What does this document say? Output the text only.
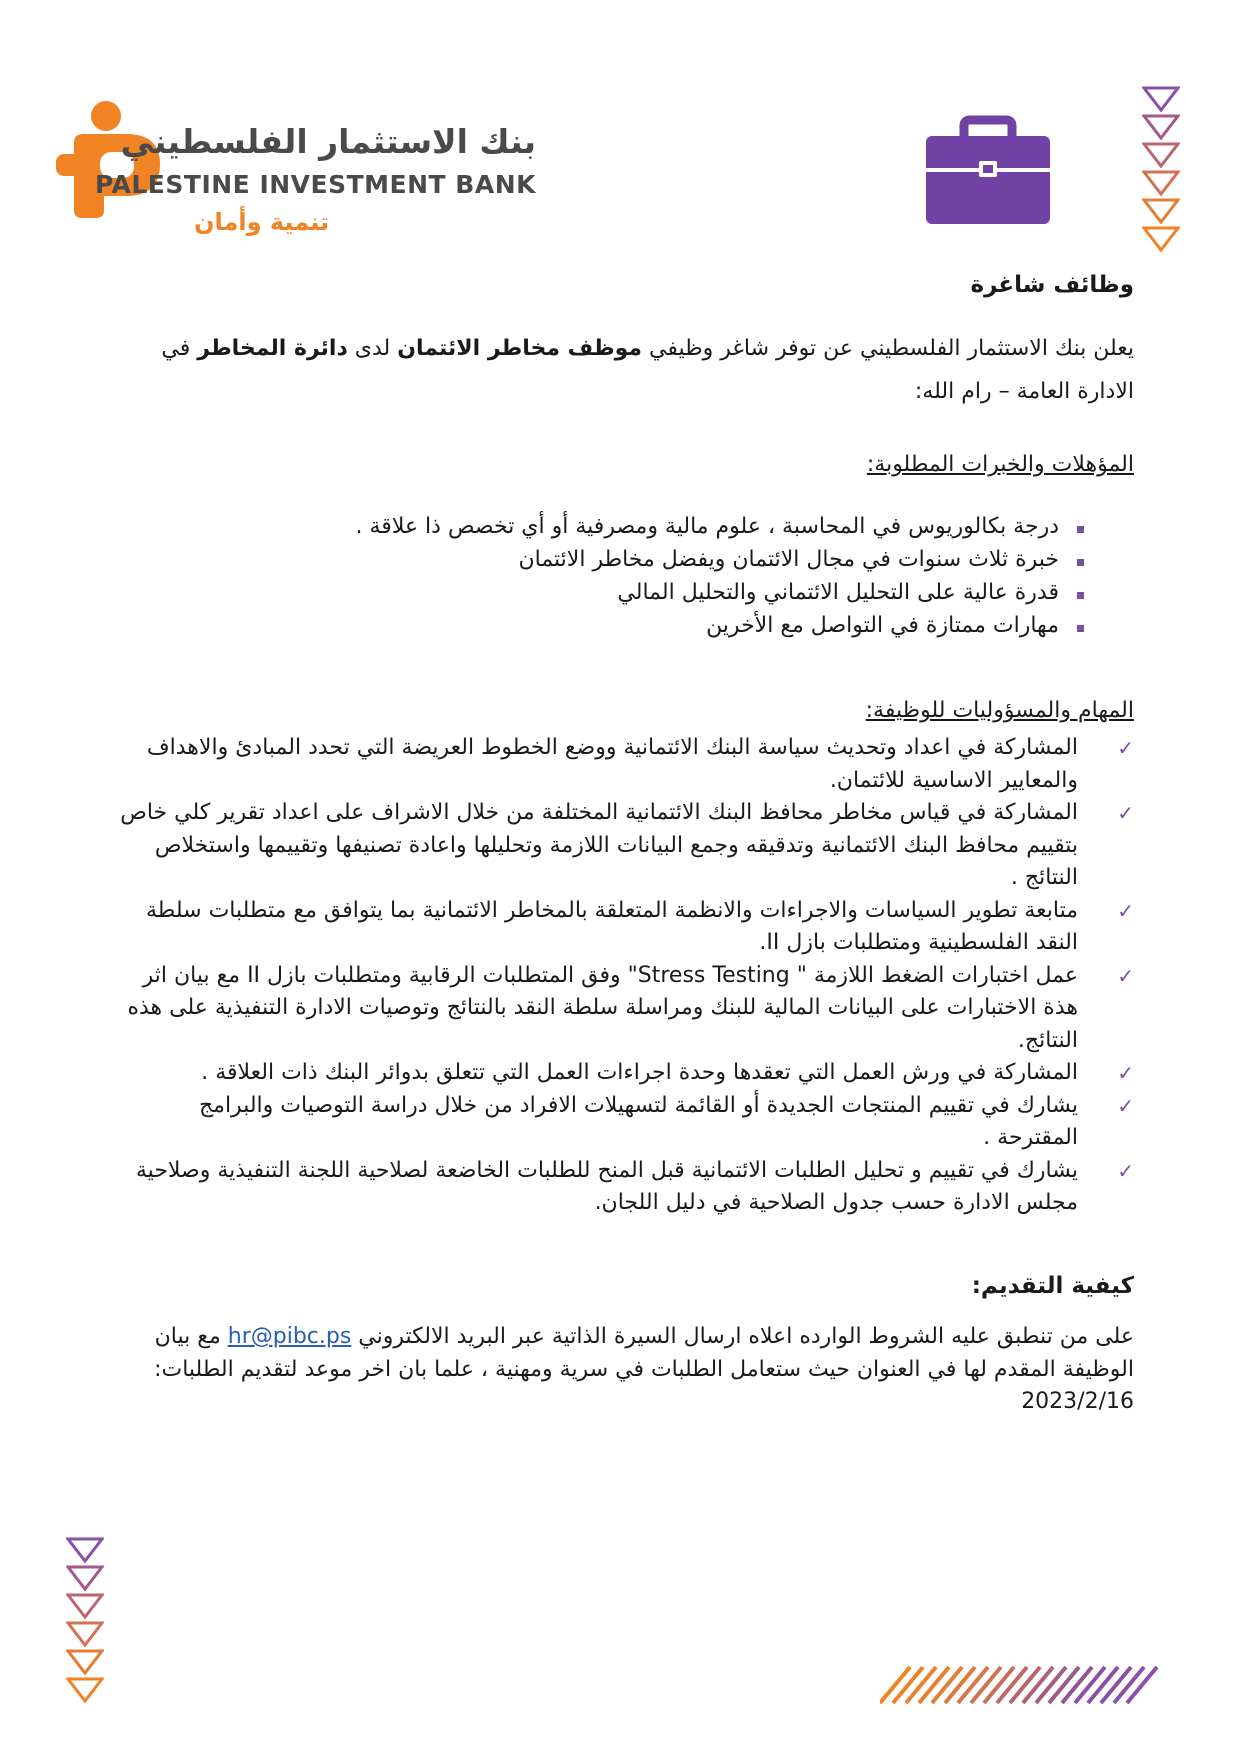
بنك الاستثمار الفلسطيني
PALESTINE INVESTMENT BANK
تنمية وأمان
وظائف شاغرة
يعلن بنك الاستثمار الفلسطيني عن توفر شاغر وظيفي موظف مخاطر الائتمان لدى دائرة المخاطر في
الادارة العامة – رام الله:
المؤهلات والخبرات المطلوبة:
درجة بكالوريوس في المحاسبة ، علوم مالية ومصرفية أو أي تخصص ذا علاقة .
خبرة ثلاث سنوات في مجال الائتمان ويفضل مخاطر الائتمان
قدرة عالية على التحليل الائتماني والتحليل المالي
مهارات ممتازة في التواصل مع الأخرين
المهام والمسؤوليات للوظيفة:
✓
المشاركة في اعداد وتحديث سياسة البنك الائتمانية ووضع الخطوط العريضة التي تحدد المبادئ والاهداف والمعايير الاساسية للائتمان.
✓
المشاركة في قياس مخاطر محافظ البنك الائتمانية المختلفة من خلال الاشراف على اعداد تقرير كلي خاص بتقييم محافظ البنك الائتمانية وتدقيقه وجمع البيانات اللازمة وتحليلها واعادة تصنيفها وتقييمها واستخلاص النتائج .
✓
متابعة تطوير السياسات والاجراءات والانظمة المتعلقة بالمخاطر الائتمانية بما يتوافق مع متطلبات سلطة النقد الفلسطينية ومتطلبات بازل II.
✓
عمل اختبارات الضغط اللازمة " Stress Testing" وفق المتطلبات الرقابية ومتطلبات بازل II مع بيان اثر هذة الاختبارات على البيانات المالية للبنك ومراسلة سلطة النقد بالنتائج وتوصيات الادارة التنفيذية على هذه النتائج.
✓
المشاركة في ورش العمل التي تعقدها وحدة اجراءات العمل التي تتعلق بدوائر البنك ذات العلاقة .
✓
يشارك في تقييم المنتجات الجديدة أو القائمة لتسهيلات الافراد من خلال دراسة التوصيات والبرامج المقترحة .
✓
يشارك في تقييم و تحليل الطلبات الائتمانية قبل المنح للطلبات الخاضعة لصلاحية اللجنة التنفيذية وصلاحية مجلس الادارة حسب جدول الصلاحية في دليل اللجان.
كيفية التقديم:
على من تنطبق عليه الشروط الوارده اعلاه ارسال السيرة الذاتية عبر البريد الالكتروني hr@pibc.ps مع بيان الوظيفة المقدم لها في العنوان حيث ستعامل الطلبات في سرية ومهنية ، علما بان اخر موعد لتقديم الطلبات: 2023/2/16
